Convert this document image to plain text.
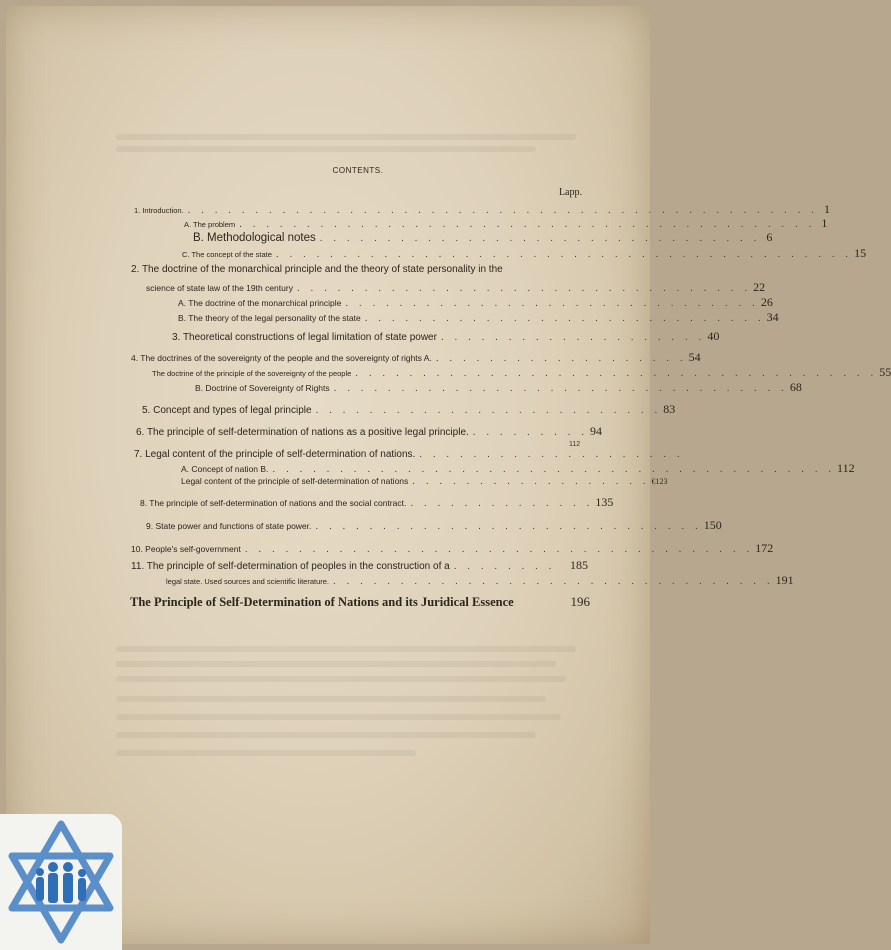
CONTENTS.
Lapp.
1. Introduction. . . . . . . . . . . . . . . . . . . . . . . . . . . . . . . . . . . . . . . . . . . . . . . . 1
A. The problem . . . . . . . . . . . . . . . . . . . . . . . . . . . . . . . . . . . . . . . . . . . 1
B. Methodological notes . . . . . . . . . . . . . . . . . . . . . . . . . . . . . . . . . 6
C. The concept of the state . . . . . . . . . . . . . . . . . . . . . . . . . . . . . . . . . . . . . . . . . . . 15
2. The doctrine of the monarchical principle and the theory of state personality in the
science of state law of the 19th century . . . . . . . . . . . . . . . . . . . . . . . . . . . . . . . . . . 22
A. The doctrine of the monarchical principle . . . . . . . . . . . . . . . . . . . . . . . . . . . . . . . 26
B. The theory of the legal personality of the state . . . . . . . . . . . . . . . . . . . . . . . . . . . . . . 34
3. Theoretical constructions of legal limitation of state power . . . . . . . . . . . . . . . . . . . . 40
4. The doctrines of the sovereignty of the people and the sovereignty of rights A. . . . . . . . . . . . . . . . . . . . 54
The doctrine of the principle of the sovereignty of the people . . . . . . . . . . . . . . . . . . . . . . . . . . . . . . . . . . . . . . . 55
B. Doctrine of Sovereignty of Rights . . . . . . . . . . . . . . . . . . . . . . . . . . . . . . . . . . 68
5. Concept and types of legal principle . . . . . . . . . . . . . . . . . . . . . . . . . . 83
6. The principle of self-determination of nations as a positive legal principle. . . . . . . . . . 94
7. Legal content of the principle of self-determination of nations. . . . . . . . . . . . . . . . . . . . .
112
A. Concept of nation B. . . . . . . . . . . . . . . . . . . . . . . . . . . . . . . . . . . . . . . . . . . 112
Legal content of the principle of self-determination of nations . . . . . . . . . . . . . . . . . . €123
8. The principle of self-determination of nations and the social contract. . . . . . . . . . . . . . . 135
9. State power and functions of state power. . . . . . . . . . . . . . . . . . . . . . . . . . . . . . 150
10. People's self-government . . . . . . . . . . . . . . . . . . . . . . . . . . . . . . . . . . . . . . 172
11. The principle of self-determination of peoples in the construction of a . . . . . . . .	185
legal state. Used sources and scientific literature. . . . . . . . . . . . . . . . . . . . . . . . . . . . . . . . . . 191
The Principle of Self-Determination of Nations and its Juridical Essence	196
